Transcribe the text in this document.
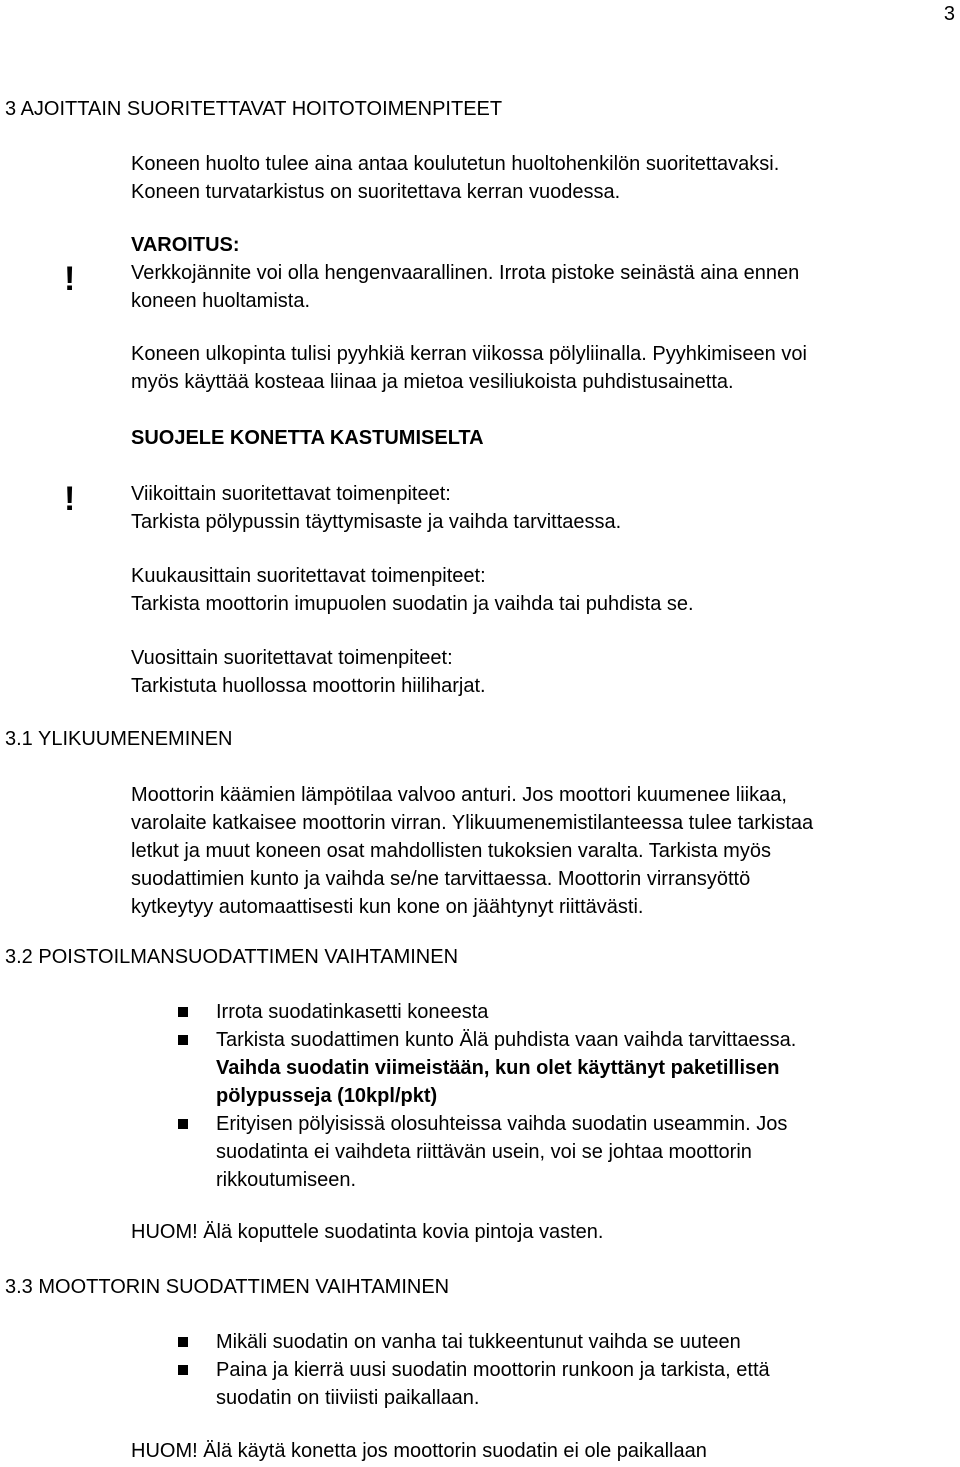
3
3 AJOITTAIN SUORITETTAVAT HOITOTOIMENPITEET
Koneen huolto tulee aina antaa koulutetun huoltohenkilön suoritettavaksi.
Koneen turvatarkistus on suoritettava kerran vuodessa.
!
VAROITUS:
Verkkojännite voi olla hengenvaarallinen. Irrota pistoke seinästä aina ennen
koneen huoltamista.
Koneen ulkopinta tulisi pyyhkiä kerran viikossa pölyliinalla. Pyyhkimiseen voi
myös käyttää kosteaa liinaa ja mietoa vesiliukoista puhdistusainetta.
SUOJELE KONETTA KASTUMISELTA
!	Viikoittain suoritettavat toimenpiteet:
Tarkista pölypussin täyttymisaste ja vaihda tarvittaessa.
Kuukausittain suoritettavat toimenpiteet:
Tarkista moottorin imupuolen suodatin ja vaihda tai puhdista se.
Vuosittain suoritettavat toimenpiteet:
Tarkistuta huollossa moottorin hiiliharjat.
3.1 YLIKUUMENEMINEN
Moottorin käämien lämpötilaa valvoo anturi. Jos moottori kuumenee liikaa,
varolaite katkaisee moottorin virran. Ylikuumenemistilanteessa tulee tarkistaa
letkut ja muut koneen osat mahdollisten tukoksien varalta. Tarkista myös
suodattimien kunto ja vaihda se/ne tarvittaessa. Moottorin virransyöttö
kytkeytyy automaattisesti kun kone on jäähtynyt riittävästi.
3.2 POISTOILMANSUODATTIMEN VAIHTAMINEN
Irrota suodatinkasetti koneesta
Tarkista suodattimen kunto Älä puhdista vaan vaihda tarvittaessa.
Vaihda suodatin viimeistään, kun olet käyttänyt paketillisen
pölypusseja (10kpl/pkt)
Erityisen pölyisissä olosuhteissa vaihda suodatin useammin. Jos
suodatinta ei vaihdeta riittävän usein, voi se johtaa moottorin
rikkoutumiseen.
HUOM! Älä koputtele suodatinta kovia pintoja vasten.
3.3 MOOTTORIN SUODATTIMEN VAIHTAMINEN
Mikäli suodatin on vanha tai tukkeentunut vaihda se uuteen
Paina ja kierrä uusi suodatin moottorin runkoon ja tarkista, että
suodatin on tiiviisti paikallaan.
HUOM! Älä käytä konetta jos moottorin suodatin ei ole paikallaan
